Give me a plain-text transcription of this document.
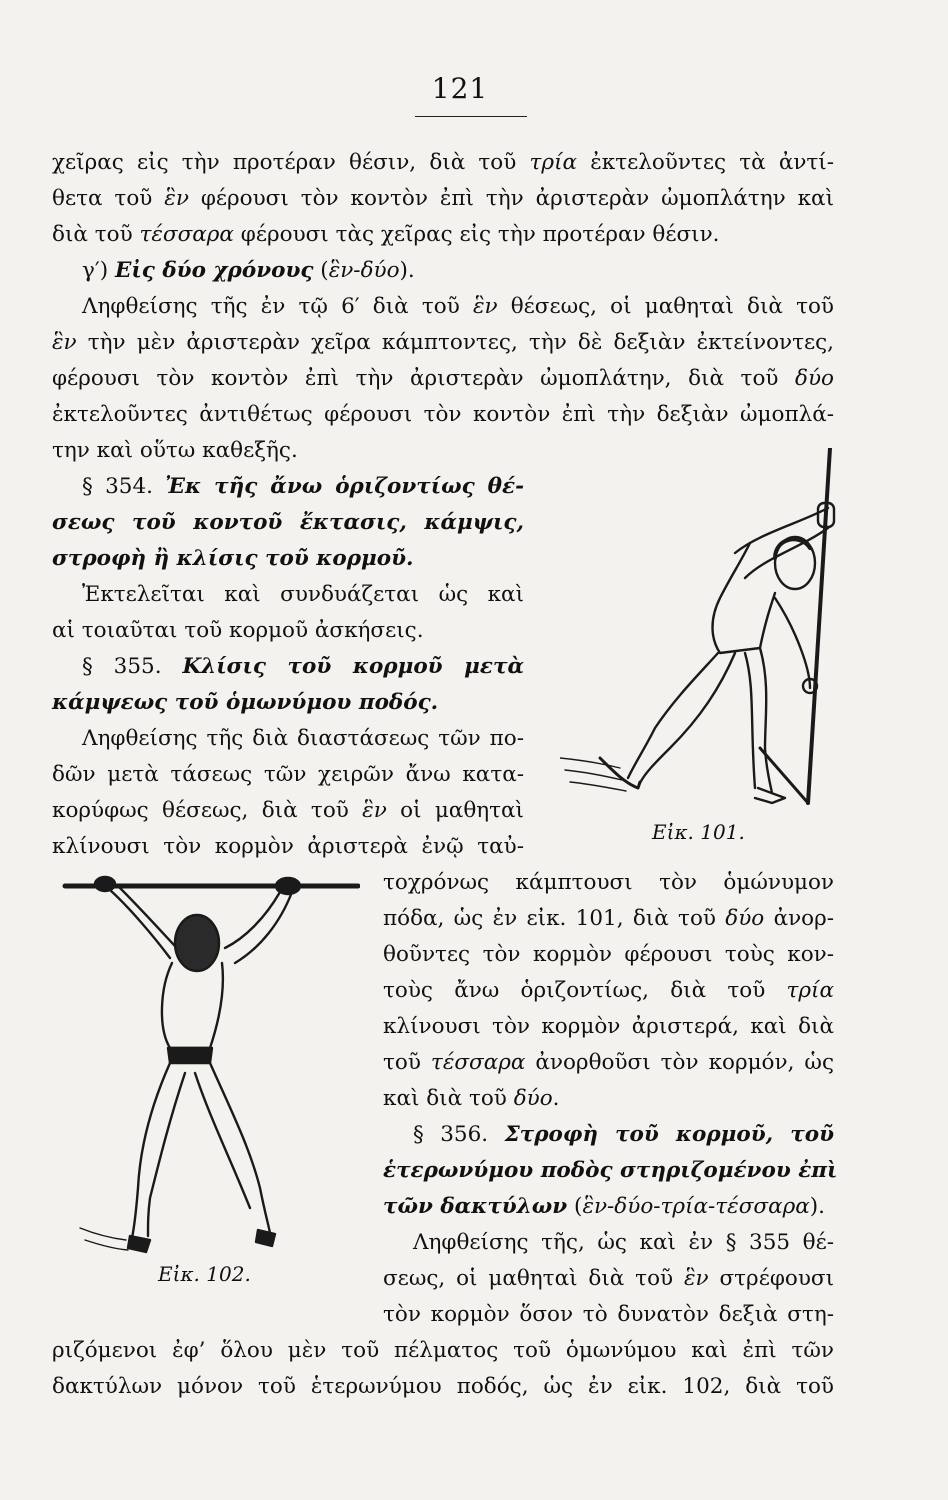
121
χεῖρας εἰς τὴν προτέραν θέσιν, διὰ τοῦ τρία ἐκτελοῦντες τὰ ἀντί-
θετα τοῦ ἓν φέρουσι τὸν κοντὸν ἐπὶ τὴν ἀριστερὰν ὠμοπλάτην καὶ
διὰ τοῦ τέσσαρα φέρουσι τὰς χεῖρας εἰς τὴν προτέραν θέσιν.
γ′) Εἰς δύο χρόνους (ἓν-δύο).
Ληφθείσης τῆς ἐν τῷ 6′ διὰ τοῦ ἓν θέσεως, οἱ μαθηταὶ διὰ τοῦ
ἓν τὴν μὲν ἀριστερὰν χεῖρα κάμπτοντες, τὴν δὲ δεξιὰν ἐκτείνοντες,
φέρουσι τὸν κοντὸν ἐπὶ τὴν ἀριστερὰν ὠμοπλάτην, διὰ τοῦ δύο
ἐκτελοῦντες ἀντιθέτως φέρουσι τὸν κοντὸν ἐπὶ τὴν δεξιὰν ὠμοπλά-
την καὶ οὕτω καθεξῆς.
§ 354. Ἐκ τῆς ἄνω ὁριζοντίως θέ-
σεως τοῦ κοντοῦ ἔκτασις, κάμψις,
στροφὴ ἢ κλίσις τοῦ κορμοῦ.
Ἐκτελεῖται καὶ συνδυάζεται ὡς καὶ
αἱ τοιαῦται τοῦ κορμοῦ ἀσκήσεις.
§ 355. Κλίσις τοῦ κορμοῦ μετὰ
κάμψεως τοῦ ὁμωνύμου ποδός.
Ληφθείσης τῆς διὰ διαστάσεως τῶν πο-
δῶν μετὰ τάσεως τῶν χειρῶν ἄνω κατα-
κορύφως θέσεως, διὰ τοῦ ἓν οἱ μαθηταὶ
κλίνουσι τὸν κορμὸν ἀριστερὰ ἐνῷ ταὐ-
τοχρόνως κάμπτουσι τὸν ὁμώνυμον
πόδα, ὡς ἐν εἰκ. 101, διὰ τοῦ δύο ἀνορ-
θοῦντες τὸν κορμὸν φέρουσι τοὺς κον-
τοὺς ἄνω ὁριζοντίως, διὰ τοῦ τρία
κλίνουσι τὸν κορμὸν ἀριστερά, καὶ διὰ
τοῦ τέσσαρα ἀνορθοῦσι τὸν κορμόν, ὡς
καὶ διὰ τοῦ δύο.
§ 356. Στροφὴ τοῦ κορμοῦ, τοῦ
ἑτερωνύμου ποδὸς στηριζομένου ἐπὶ
τῶν δακτύλων (ἓν-δύο-τρία-τέσσαρα).
Ληφθείσης τῆς, ὡς καὶ ἐν § 355 θέ-
σεως, οἱ μαθηταὶ διὰ τοῦ ἓν στρέφουσι
τὸν κορμὸν ὅσον τὸ δυνατὸν δεξιὰ στη-
ριζόμενοι ἐφ’ ὅλου μὲν τοῦ πέλματος τοῦ ὁμωνύμου καὶ ἐπὶ τῶν
δακτύλων μόνον τοῦ ἑτερωνύμου ποδός, ὡς ἐν εἰκ. 102, διὰ τοῦ
Εἰκ. 101.
Εἰκ. 102.
